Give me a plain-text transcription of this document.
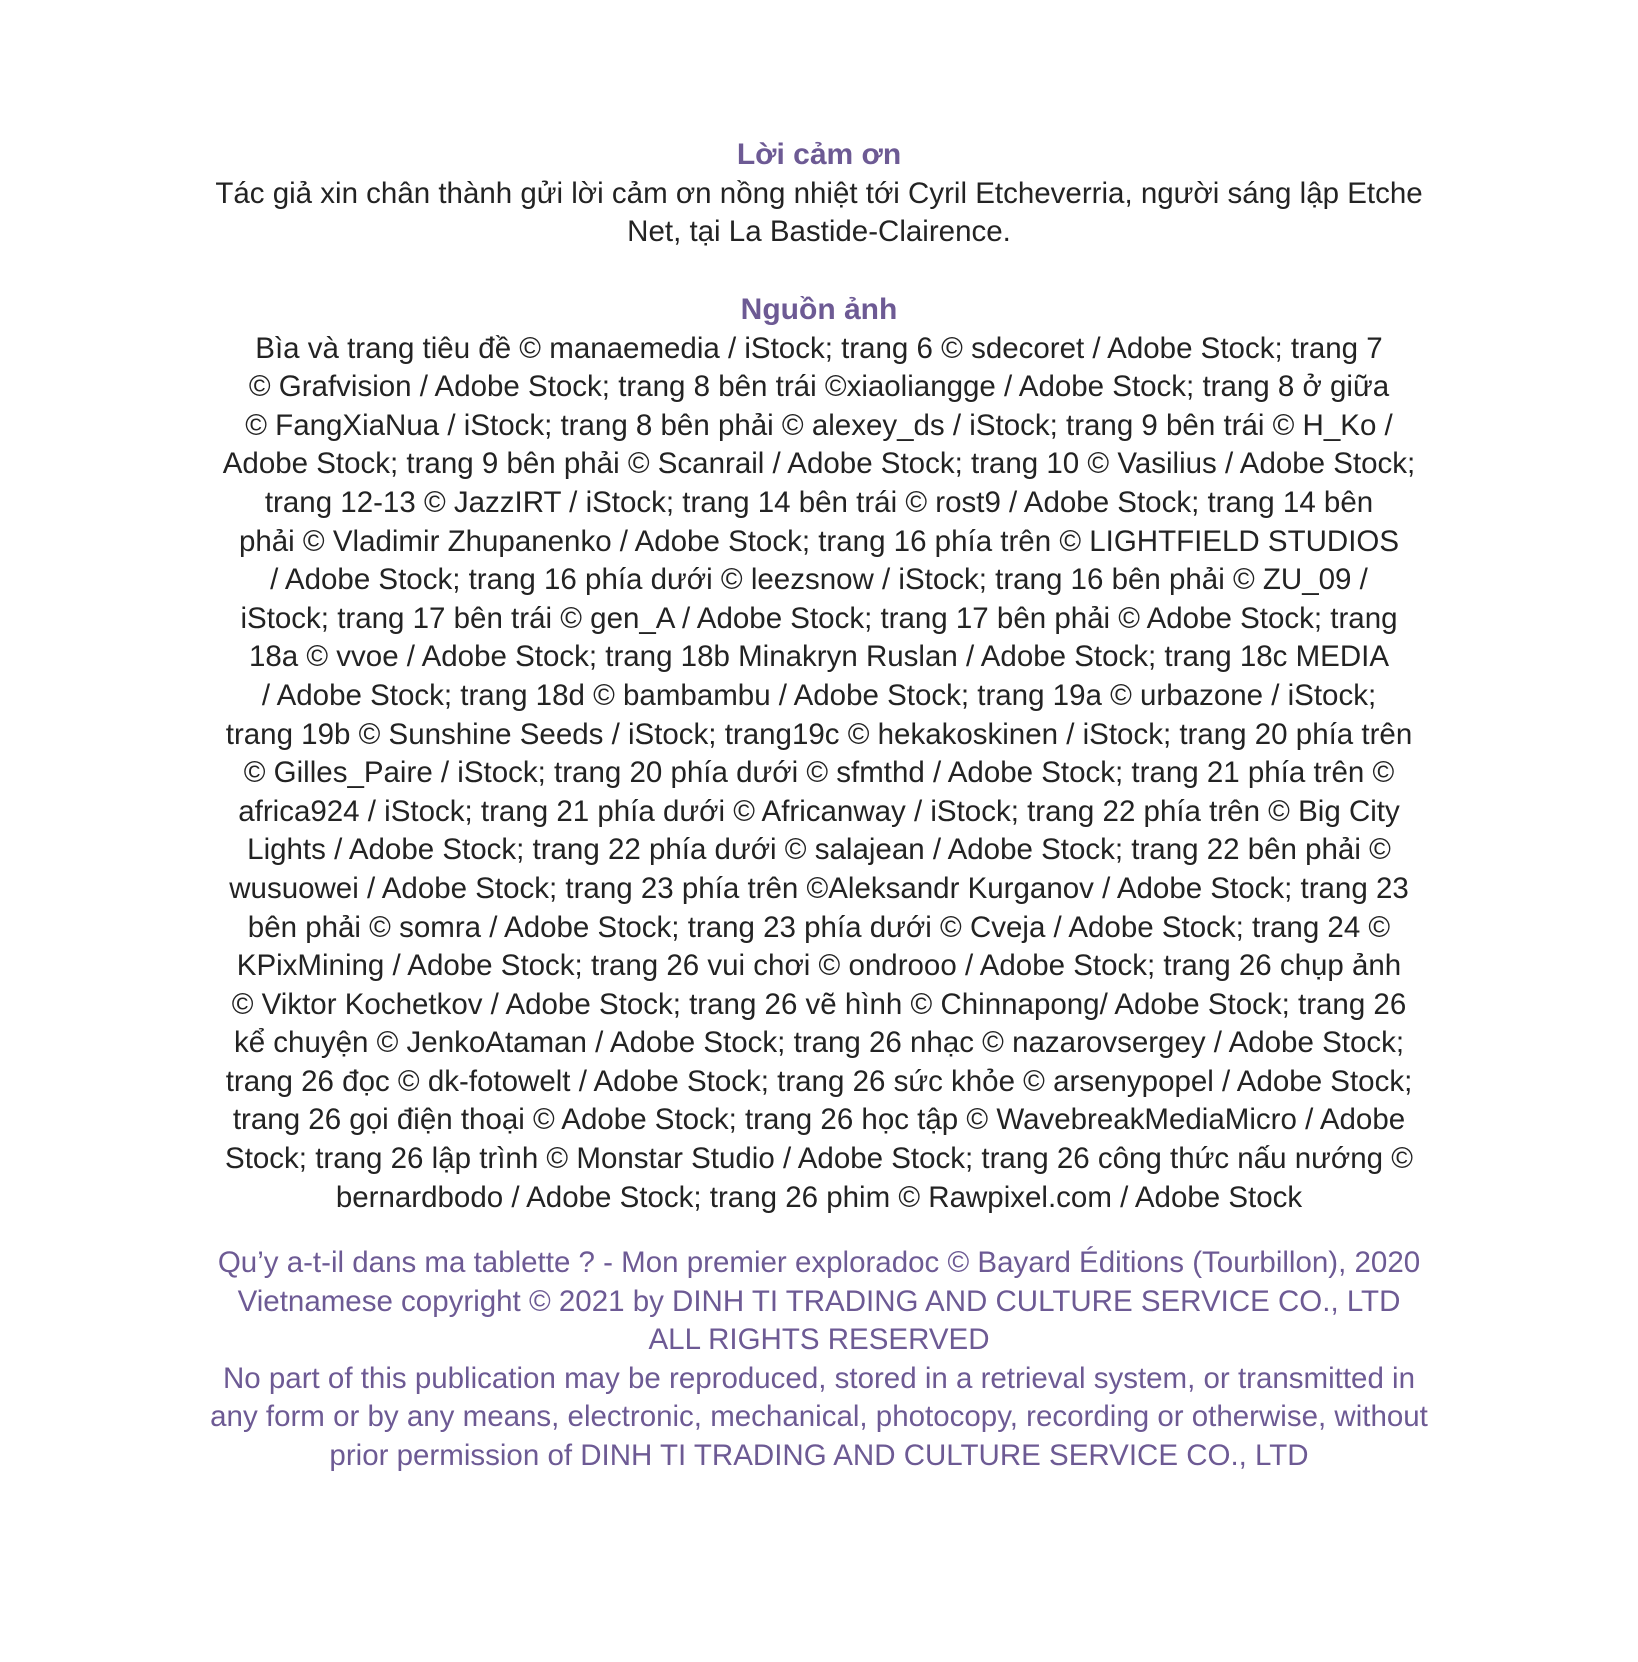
Lời cảm ơn

Tác giả xin chân thành gửi lời cảm ơn nồng nhiệt tới Cyril Etcheverria, người sáng lập Etche
Net, tại La Bastide-Clairence.

Nguồn ảnh

Bìa và trang tiêu đề © manaemedia / iStock; trang 6 © sdecoret / Adobe Stock; trang 7
© Grafvision / Adobe Stock; trang 8 bên trái ©xiaoliangge / Adobe Stock; trang 8 ở giữa
© FangXiaNua / iStock; trang 8 bên phải © alexey_ds / iStock; trang 9 bên trái © H_Ko /
Adobe Stock; trang 9 bên phải © Scanrail / Adobe Stock; trang 10 © Vasilius / Adobe Stock;
trang 12-13 © JazzIRT / iStock; trang 14 bên trái © rost9 / Adobe Stock; trang 14 bên
phải © Vladimir Zhupanenko / Adobe Stock; trang 16 phía trên © LIGHTFIELD STUDIOS
/ Adobe Stock; trang 16 phía dưới © leezsnow / iStock; trang 16 bên phải © ZU_09 /
iStock; trang 17 bên trái © gen_A / Adobe Stock; trang 17 bên phải © Adobe Stock; trang
18a © vvoe / Adobe Stock; trang 18b Minakryn Ruslan / Adobe Stock; trang 18c MEDIA
/ Adobe Stock; trang 18d © bambambu / Adobe Stock; trang 19a © urbazone / iStock;
trang 19b © Sunshine Seeds / iStock; trang19c © hekakoskinen / iStock; trang 20 phía trên
© Gilles_Paire / iStock; trang 20 phía dưới © sfmthd / Adobe Stock; trang 21 phía trên ©
africa924 / iStock; trang 21 phía dưới © Africanway / iStock; trang 22 phía trên © Big City
Lights / Adobe Stock; trang 22 phía dưới © salajean / Adobe Stock; trang 22 bên phải ©
wusuowei / Adobe Stock; trang 23 phía trên ©Aleksandr Kurganov / Adobe Stock; trang 23
bên phải © somra / Adobe Stock; trang 23 phía dưới © Cveja / Adobe Stock; trang 24 ©
KPixMining / Adobe Stock; trang 26 vui chơi © ondrooo / Adobe Stock; trang 26 chụp ảnh
© Viktor Kochetkov / Adobe Stock; trang 26 vẽ hình © Chinnapong/ Adobe Stock; trang 26
kể chuyện © JenkoAtaman / Adobe Stock; trang 26 nhạc © nazarovsergey / Adobe Stock;
trang 26 đọc © dk-fotowelt / Adobe Stock; trang 26 sức khỏe © arsenypopel / Adobe Stock;
trang 26 gọi điện thoại © Adobe Stock; trang 26 học tập © WavebreakMediaMicro / Adobe
Stock; trang 26 lập trình © Monstar Studio / Adobe Stock; trang 26 công thức nấu nướng ©
bernardbodo / Adobe Stock; trang 26 phim © Rawpixel.com / Adobe Stock

Qu’y a-t-il dans ma tablette ? - Mon premier exploradoc © Bayard Éditions (Tourbillon), 2020
Vietnamese copyright © 2021 by DINH TI TRADING AND CULTURE SERVICE CO., LTD
ALL RIGHTS RESERVED
No part of this publication may be reproduced, stored in a retrieval system, or transmitted in
any form or by any means, electronic, mechanical, photocopy, recording or otherwise, without
prior permission of DINH TI TRADING AND CULTURE SERVICE CO., LTD
